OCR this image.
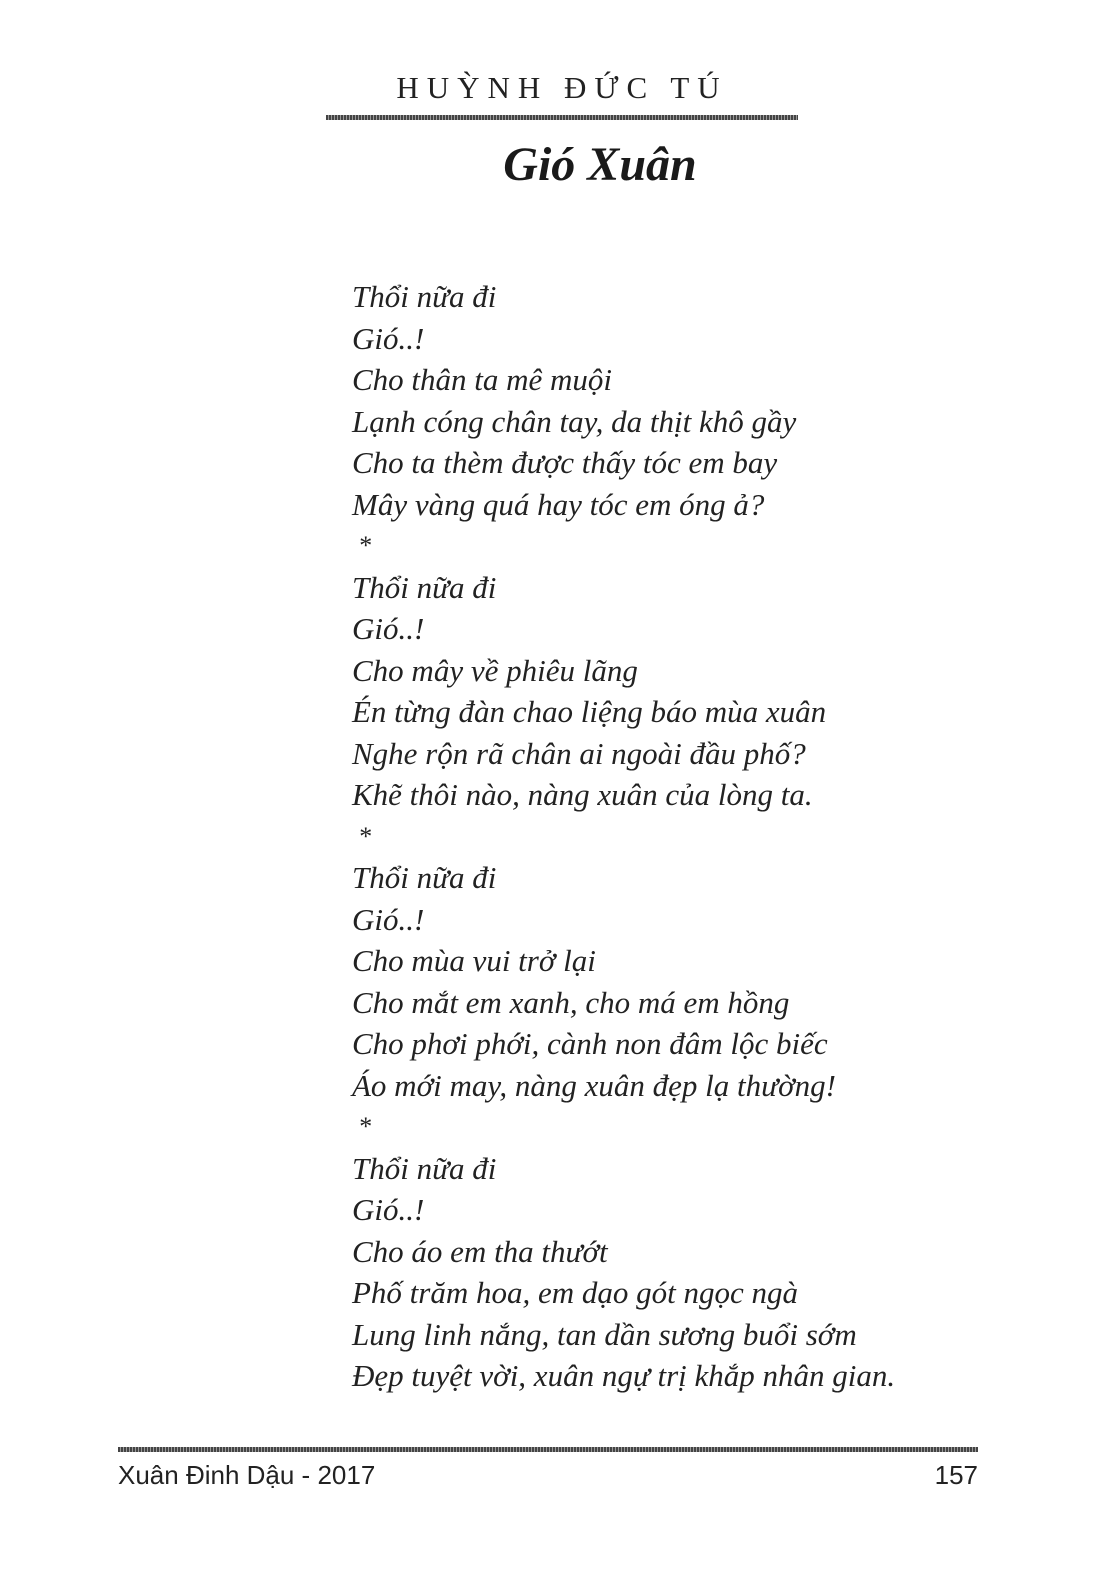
HUỲNH ĐỨC TÚ
Gió Xuân
Thổi nữa đi
Gió..!
Cho thân ta mê muội
Lạnh cóng chân tay, da thịt khô gầy
Cho ta thèm được thấy tóc em bay
Mây vàng quá hay tóc em óng ả?
*
Thổi nữa đi
Gió..!
Cho mây về phiêu lãng
Én từng đàn chao liệng báo mùa xuân
Nghe rộn rã chân ai ngoài đầu phố?
Khẽ thôi nào, nàng xuân của lòng ta.
*
Thổi nữa đi
Gió..!
Cho mùa vui trở lại
Cho mắt em xanh, cho má em hồng
Cho phơi phới, cành non đâm lộc biếc
Áo mới may, nàng xuân đẹp lạ thường!
*
Thổi nữa đi
Gió..!
Cho áo em tha thướt
Phố trăm hoa, em dạo gót ngọc ngà
Lung linh nắng, tan dần sương buổi sớm
Đẹp tuyệt vời, xuân ngự trị khắp nhân gian.
Xuân Đinh Dậu - 2017	157
